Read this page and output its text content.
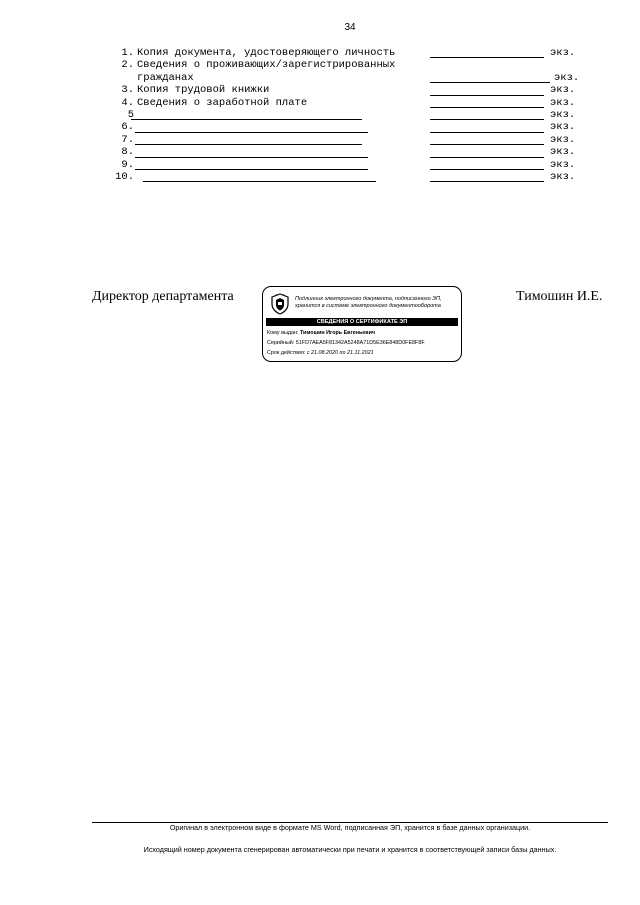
34
1. Копия документа, удостоверяющего личность	экз.
2. Сведения о проживающих/зарегистрированных
гражданах	экз.
3. Копия трудовой книжки	экз.
4. Сведения о заработной плате	экз.
5	экз.
6.	экз.
7.	экз.
8.	экз.
9.	экз.
10.	экз.
Директор департамента	Подлинник электронного документа, подписанного ЭП,
хранится в системе электронного документооборота
СВЕДЕНИЯ О СЕРТИФИКАТЕ ЭП
Кому выдан: Тимошин Игорь Евгеньевич
Серийный: 51FD7AEA5F81342A5248A71D5E36E848D0FE8F8F
Срок действия: с 21.08.2020 по 21.11.2021
Тимошин И.Е.
Оригинал в электронном виде в формате MS Word, подписанная ЭП, хранится в базе данных организации.
Исходящий номер документа сгенерирован автоматически при печати и хранится в соответствующей записи базы данных.
